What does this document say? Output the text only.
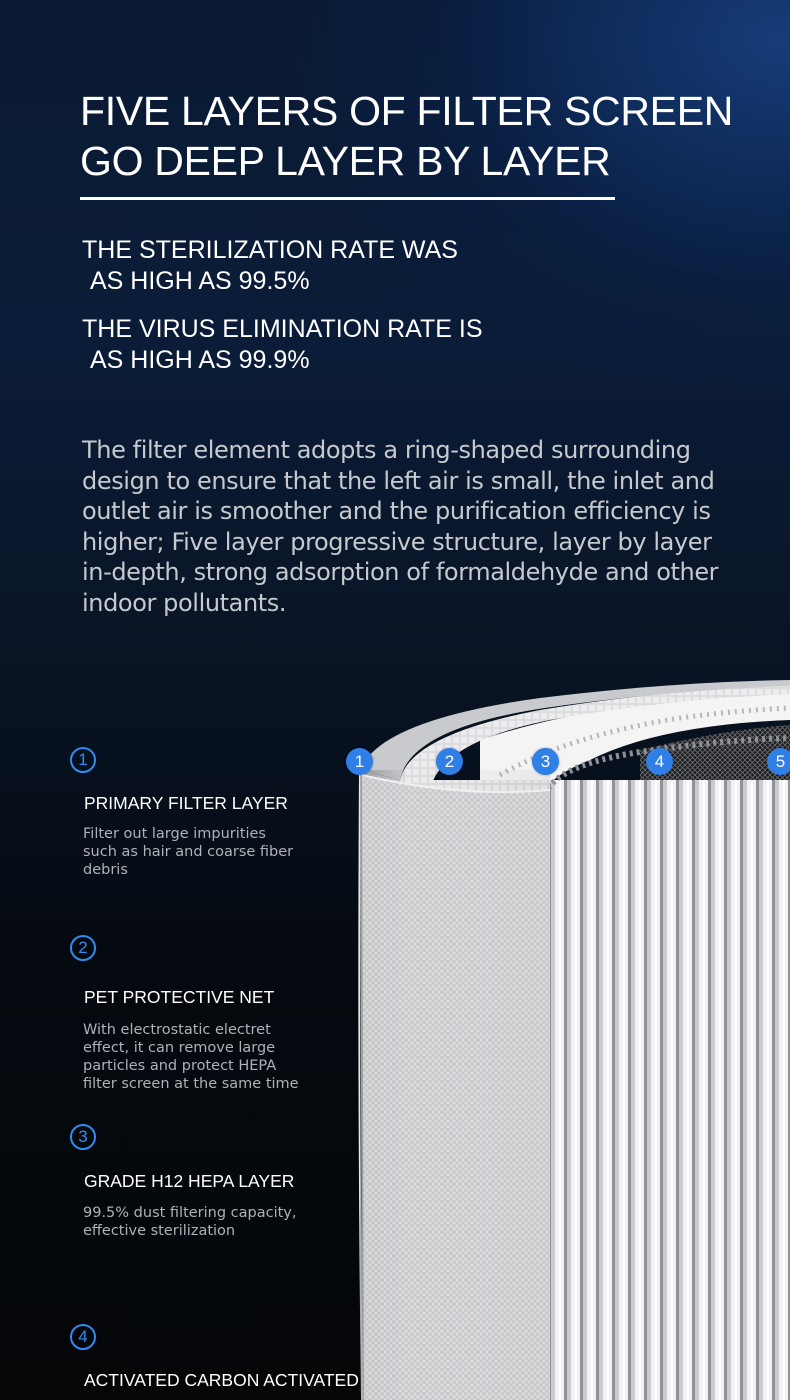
FIVE LAYERS OF FILTER SCREEN
GO DEEP LAYER BY LAYER

THE STERILIZATION RATE WAS
AS HIGH AS 99.5%

THE VIRUS ELIMINATION RATE IS
AS HIGH AS 99.9%

The filter element adopts a ring-shaped surrounding
design to ensure that the left air is small, the inlet and
outlet air is smoother and the purification efficiency is
higher; Five layer progressive structure, layer by layer
in-depth, strong adsorption of formaldehyde and other
indoor pollutants.

1	2	3	4	5
1
PRIMARY FILTER LAYER

Filter out large impurities
such as hair and coarse fiber
debris

2
PET PROTECTIVE NET

With electrostatic electret
effect, it can remove large
particles and protect HEPA
filter screen at the same time

3
GRADE H12 HEPA LAYER

99.5% dust filtering capacity,
effective sterilization

4
ACTIVATED CARBON ACTIVATED
